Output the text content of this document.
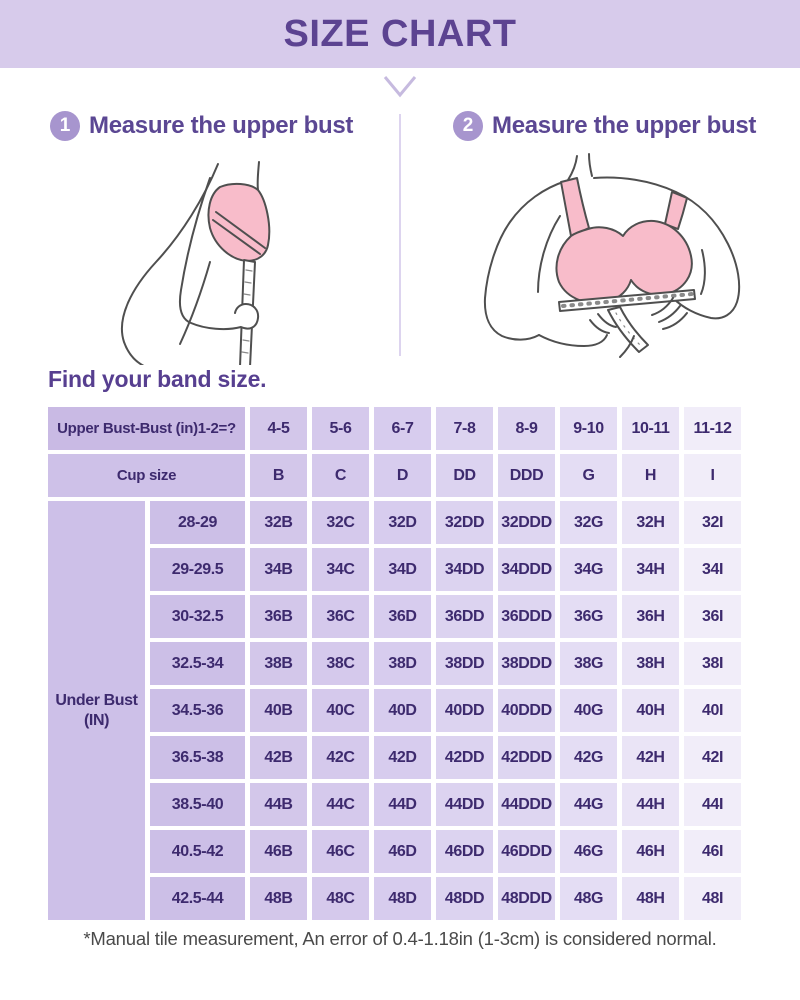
SIZE CHART
1 Measure the upper bust	2 Measure the upper bust
Find your band size.
Upper Bust-Bust (in)1-2=?	4-5	5-6	6-7	7-8	8-9	9-10	10-11	11-12
Cup size	B	C	D	DD	DDD	G	H	I
Under Bust
(IN)
28-29	32B	32C	32D	32DD	32DDD	32G	32H	32I
29-29.5	34B	34C	34D	34DD	34DDD	34G	34H	34I
30-32.5	36B	36C	36D	36DD	36DDD	36G	36H	36I
32.5-34	38B	38C	38D	38DD	38DDD	38G	38H	38I
34.5-36	40B	40C	40D	40DD	40DDD	40G	40H	40I
36.5-38	42B	42C	42D	42DD	42DDD	42G	42H	42I
38.5-40	44B	44C	44D	44DD	44DDD	44G	44H	44I
40.5-42	46B	46C	46D	46DD	46DDD	46G	46H	46I
42.5-44	48B	48C	48D	48DD	48DDD	48G	48H	48I

*Manual tile measurement, An error of 0.4-1.18in (1-3cm) is considered normal.
